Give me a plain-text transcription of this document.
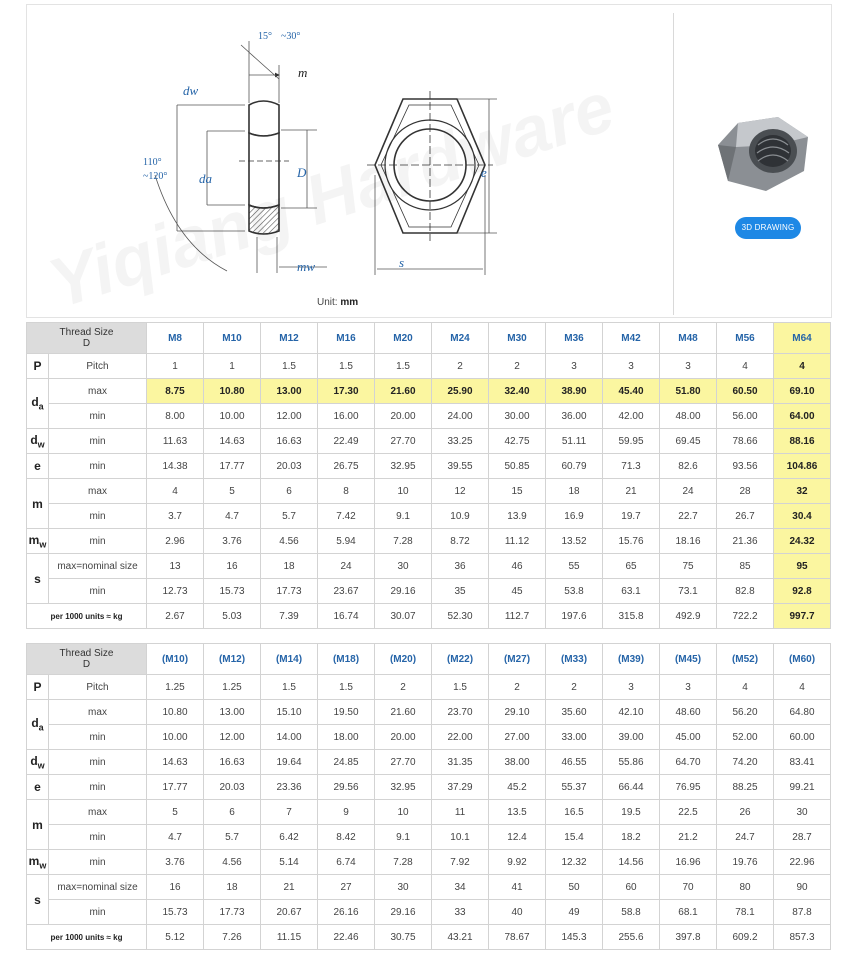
15° ~30°
110°
~120°
m
dw
da	D
mw
e
s
Unit: mm
3D DRAWING
Thread Size
D		M8	M10	M12	M16	M20	M24	M30	M36	M42	M48	M56	M64
P	Pitch	1	1	1.5	1.5	1.5	2	2	3	3	3	4	4
$d_a$	max	8.75	10.80	13.00	17.30	21.60	25.90	32.40	38.90	45.40	51.80	60.50	69.10
	min	8.00	10.00	12.00	16.00	20.00	24.00	30.00	36.00	42.00	48.00	56.00	64.00
$d_w$	min	11.63	14.63	16.63	22.49	27.70	33.25	42.75	51.11	59.95	69.45	78.66	88.16
e	min	14.38	17.77	20.03	26.75	32.95	39.55	50.85	60.79	71.3	82.6	93.56	104.86
m	max	4	5	6	8	10	12	15	18	21	24	28	32
	min	3.7	4.7	5.7	7.42	9.1	10.9	13.9	16.9	19.7	22.7	26.7	30.4
$m_w$	min	2.96	3.76	4.56	5.94	7.28	8.72	11.12	13.52	15.76	18.16	21.36	24.32
s	max=nominal size	13	16	18	24	30	36	46	55	65	75	85	95
	min	12.73	15.73	17.73	23.67	29.16	35	45	53.8	63.1	73.1	82.8	92.8
per 1000 units ≈ kg		2.67	5.03	7.39	16.74	30.07	52.30	112.7	197.6	315.8	492.9	722.2	997.7
Thread Size
D		(M10)	(M12)	(M14)	(M18)	(M20)	(M22)	(M27)	(M33)	(M39)	(M45)	(M52)	(M60)
P	Pitch	1.25	1.25	1.5	1.5	2	1.5	2	2	3	3	4	4
$d_a$	max	10.80	13.00	15.10	19.50	21.60	23.70	29.10	35.60	42.10	48.60	56.20	64.80
	min	10.00	12.00	14.00	18.00	20.00	22.00	27.00	33.00	39.00	45.00	52.00	60.00
$d_w$	min	14.63	16.63	19.64	24.85	27.70	31.35	38.00	46.55	55.86	64.70	74.20	83.41
e	min	17.77	20.03	23.36	29.56	32.95	37.29	45.2	55.37	66.44	76.95	88.25	99.21
m	max	5	6	7	9	10	11	13.5	16.5	19.5	22.5	26	30
	min	4.7	5.7	6.42	8.42	9.1	10.1	12.4	15.4	18.2	21.2	24.7	28.7
$m_w$	min	3.76	4.56	5.14	6.74	7.28	7.92	9.92	12.32	14.56	16.96	19.76	22.96
s	max=nominal size	16	18	21	27	30	34	41	50	60	70	80	90
	min	15.73	17.73	20.67	26.16	29.16	33	40	49	58.8	68.1	78.1	87.8
per 1000 units ≈ kg		5.12	7.26	11.15	22.46	30.75	43.21	78.67	145.3	255.6	397.8	609.2	857.3
